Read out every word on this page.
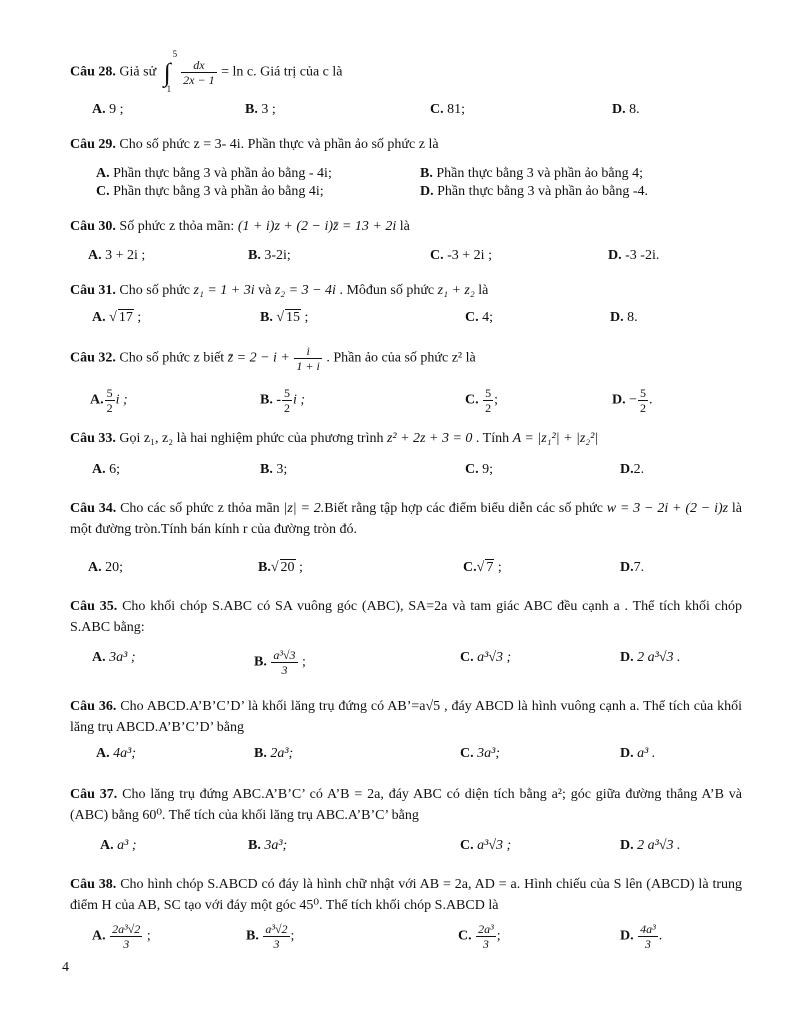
Câu 28. Giả sử ∫
5
1

$\frac{dx}{2x - 1} = \ln c$. Giá trị của c là
A. 9 ;	B. 3 ;	C. 81;	D. 8.
Câu 29. Cho số phức z = 3- 4i. Phần thực và phần ảo số phức z là
A. Phần thực bằng 3 và phần ảo bằng - 4i;	B. Phần thực bằng 3 và phần ảo bằng 4;
C. Phần thực bằng 3 và phần ảo bằng 4i;	D. Phần thực bằng 3 và phần ảo bằng -4.
Câu 30. Số phức z thỏa mãn: (1 + i)z + (2 − i)z̄ = 13 + 2i là
A. 3 + 2i ;	B. 3-2i;	C. -3 + 2i ;	D. -3 -2i.
Câu 31. Cho số phức z₁ = 1 + 3i và z₂ = 3 − 4i . Môđun số phức z₁ + z₂ là
A. √ 17 ;	B. √ 15 ;	C. 4;	D. 8.
Câu 32. Cho số phức z biết z̄ = $2 - i + \frac{i}{1 + i}$ . Phần ảo của số phức z² là
A. $\frac{5}{2}$ i ;	B. - $\frac{5}{2}$ i ;	C. $\frac{5}{2}$ ;	D. − $\frac{5}{2}$ .
Câu 33. Gọi z₁, z₂ là hai nghiệm phức của phương trình z² + 2z + 3 = 0 . Tính A = |z₁²| + |z₂²|
A. 6;	B. 3;	C. 9;	D.2.
Câu 34. Cho các số phức z thỏa mãn |z| = 2.Biết rằng tập hợp các điểm biểu diễn các số phức w = 3 − 2i + (2 − i)z là một đường tròn.Tính bán kính r của đường tròn đó.
A. 20;	B.√ 20 ;	C.√ 7 ;	D.7.
Câu 35. Cho khối chóp S.ABC có SA vuông góc (ABC), SA=2a và tam giác ABC đều cạnh a . Thể tích khối chóp S.ABC bằng:
A. 3a³ ;	B. $\frac{\text{a³√3}}{3}$ ;	C. a³√3 ;	D. 2 a³√3 .
Câu 36. Cho ABCD.A’B’C’D’ là khối lăng trụ đứng có AB’=a√5 , đáy ABCD là hình vuông cạnh a. Thể tích của khối lăng trụ ABCD.A’B’C’D’ bằng
A. 4a³;	B. 2a³;	C. 3a³;	D. a³ .
Câu 37. Cho lăng trụ đứng ABC.A’B’C’ có A’B = 2a, đáy ABC có diện tích bằng a²; góc giữa đường thẳng A’B và (ABC) bằng 60⁰. Thể tích của khối lăng trụ ABC.A’B’C’ bằng
A. a³ ;	B. 3a³;	C. a³√3 ;	D. 2 a³√3 .
Câu 38. Cho hình chóp S.ABCD có đáy là hình chữ nhật với AB = 2a, AD = a. Hình chiếu của S lên (ABCD) là trung điểm H của AB, SC tạo với đáy một góc 45⁰. Thể tích khối chóp S.ABCD là
A. $\frac{\text{2a³√2}}{3}$ ;	B. $\frac{\text{a³√2}}{3}$ ;	C. $\frac{\text{2a³}}{3}$ ;	D. $\frac{\text{4a³}}{3}$ .
4
